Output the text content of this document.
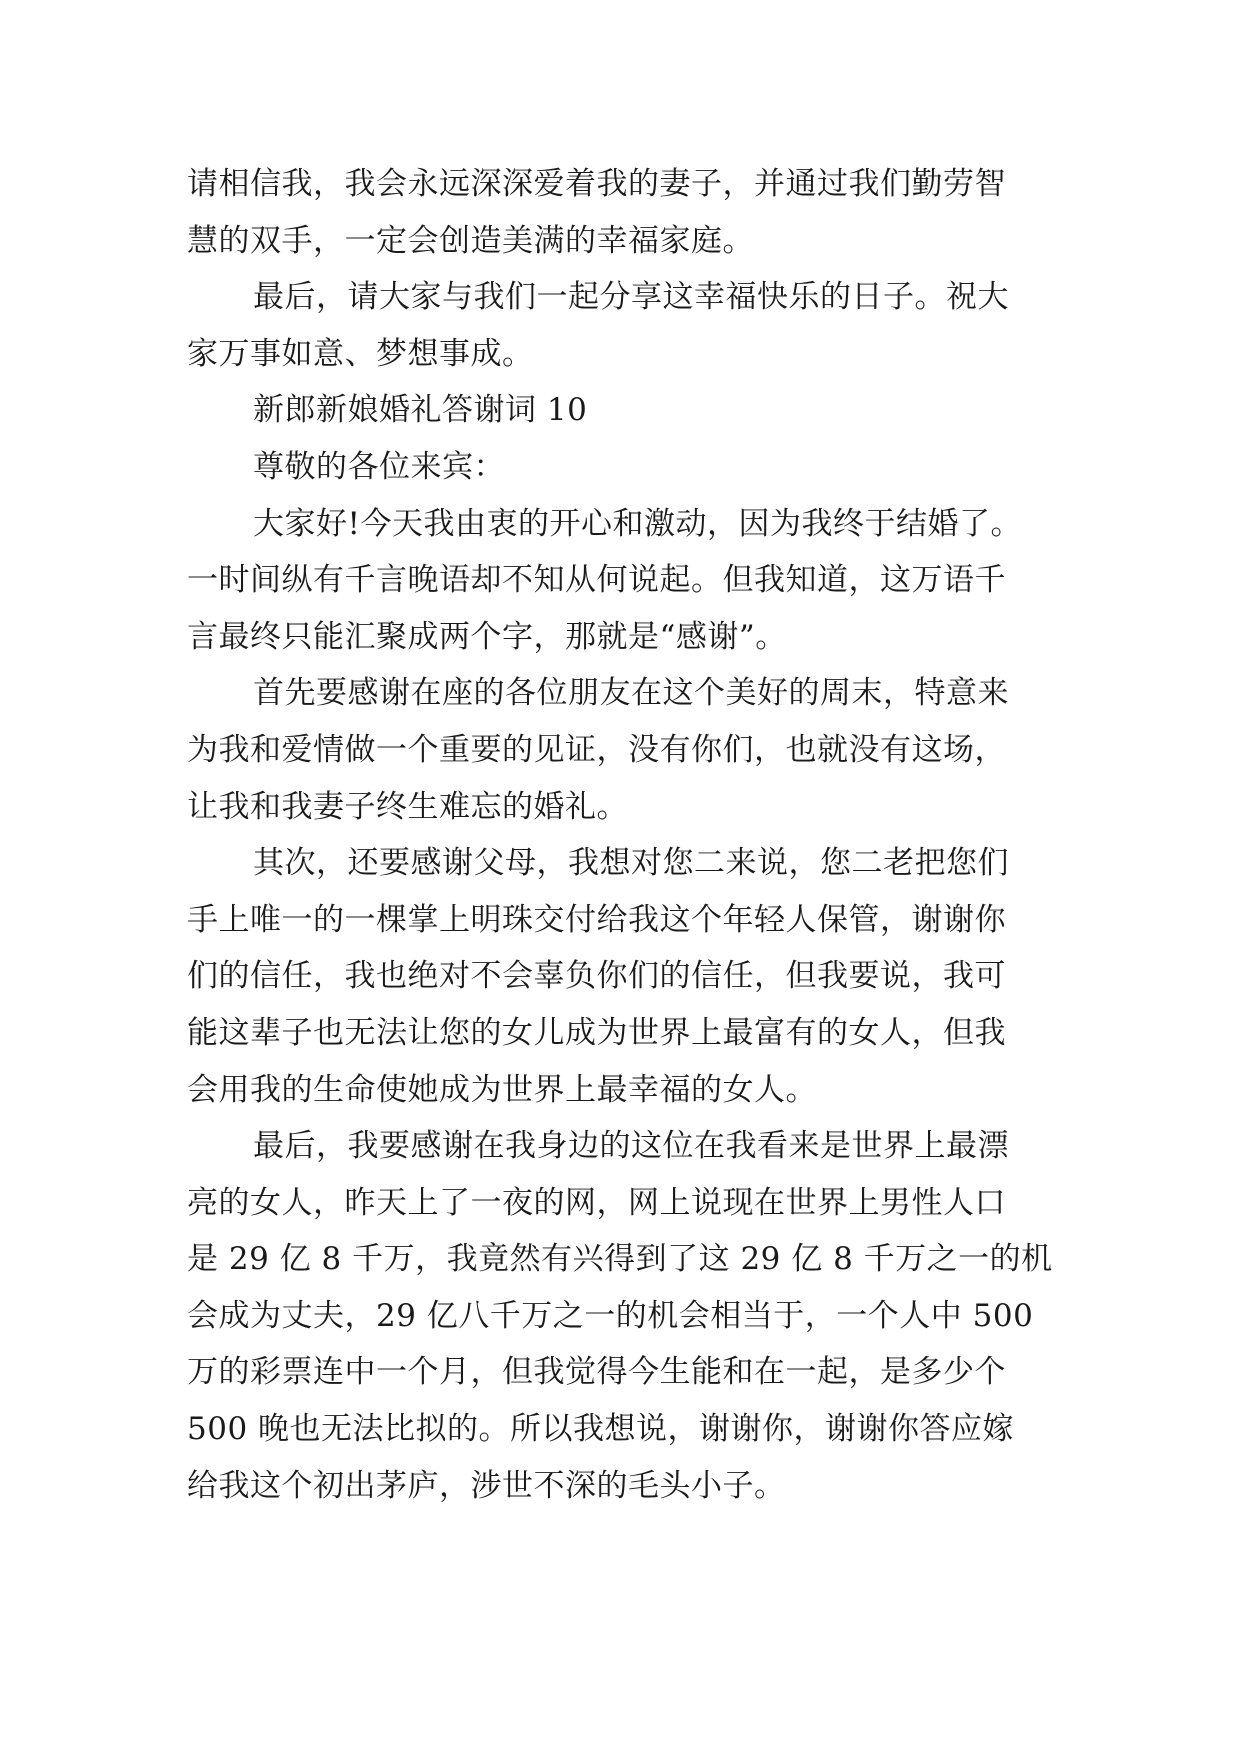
请相信我，我会永远深深爱着我的妻子，并通过我们勤劳智
慧的双手，一定会创造美满的幸福家庭。
最后，请大家与我们一起分享这幸福快乐的日子。祝大
家万事如意、梦想事成。
新郎新娘婚礼答谢词 10
尊敬的各位来宾：
大家好!今天我由衷的开心和激动，因为我终于结婚了。
一时间纵有千言晚语却不知从何说起。但我知道，这万语千
言最终只能汇聚成两个字，那就是“感谢”。
首先要感谢在座的各位朋友在这个美好的周末，特意来
为我和爱情做一个重要的见证，没有你们，也就没有这场，
让我和我妻子终生难忘的婚礼。
其次，还要感谢父母，我想对您二来说，您二老把您们
手上唯一的一棵掌上明珠交付给我这个年轻人保管，谢谢你
们的信任，我也绝对不会辜负你们的信任，但我要说，我可
能这辈子也无法让您的女儿成为世界上最富有的女人，但我
会用我的生命使她成为世界上最幸福的女人。
最后，我要感谢在我身边的这位在我看来是世界上最漂
亮的女人，昨天上了一夜的网，网上说现在世界上男性人口
是 29 亿 8 千万，我竟然有兴得到了这 29 亿 8 千万之一的机
会成为丈夫，29 亿八千万之一的机会相当于，一个人中 500
万的彩票连中一个月，但我觉得今生能和在一起，是多少个
500 晚也无法比拟的。所以我想说，谢谢你，谢谢你答应嫁
给我这个初出茅庐，涉世不深的毛头小子。
